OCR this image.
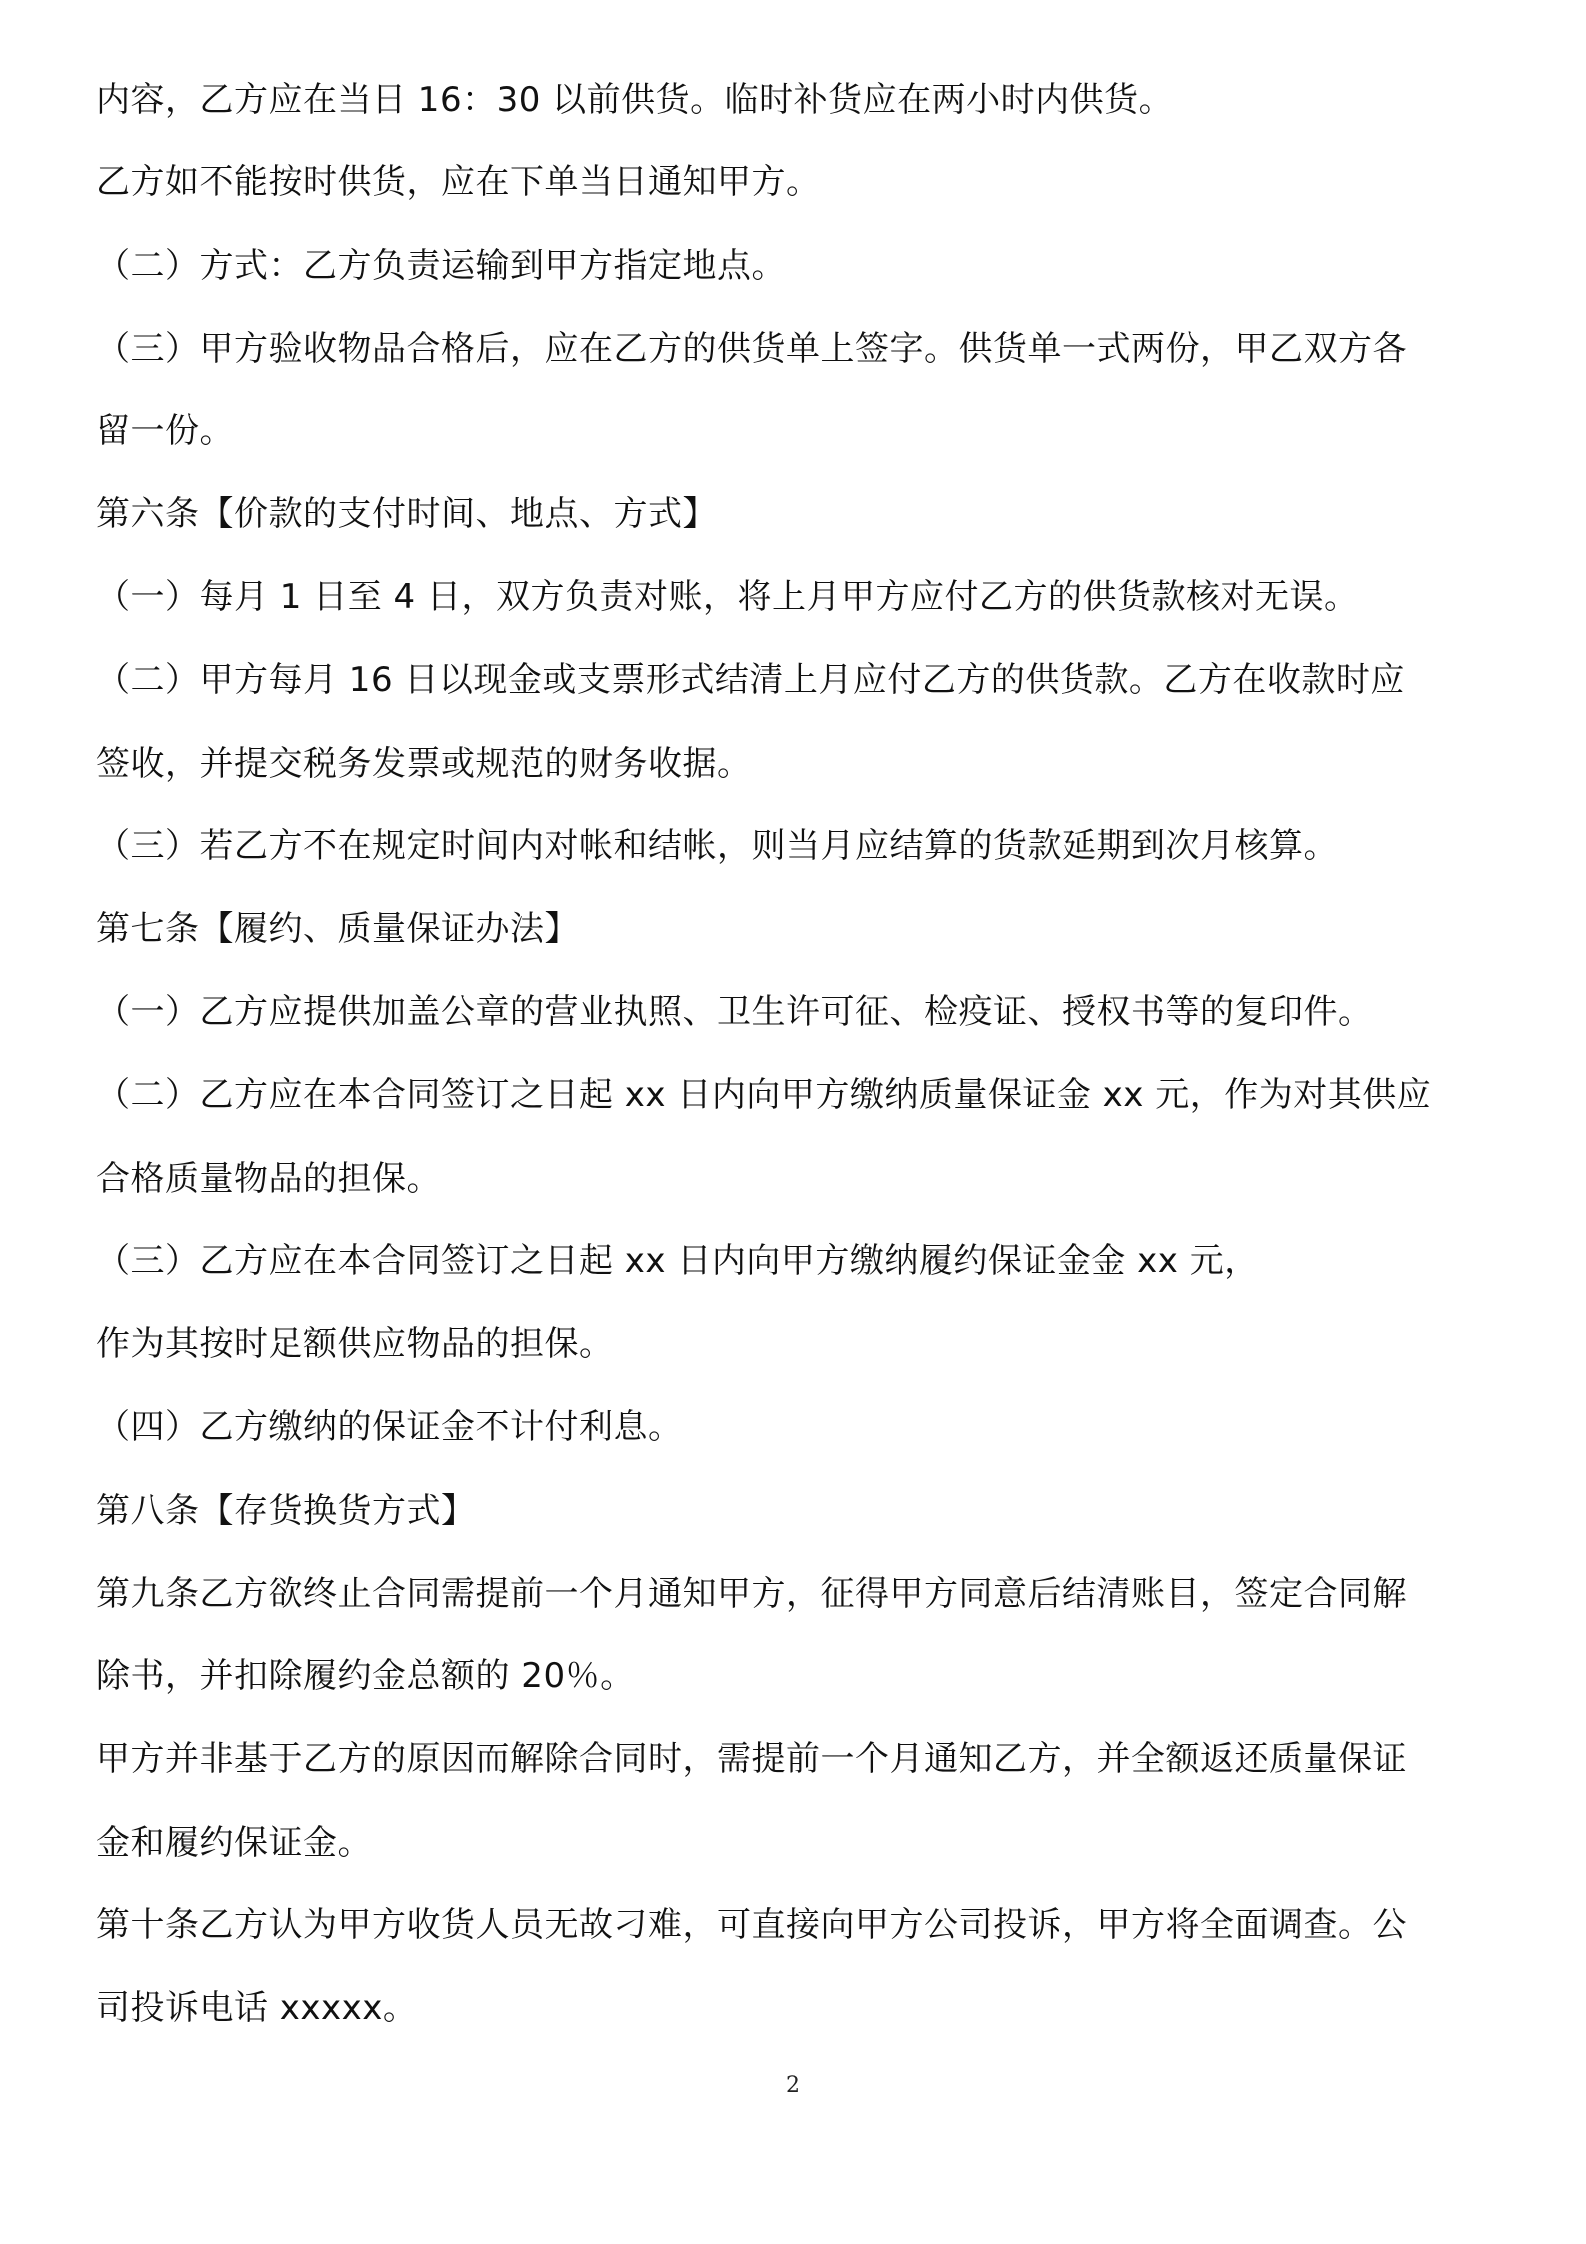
内容，乙方应在当日 16：30 以前供货。临时补货应在两小时内供货。
乙方如不能按时供货，应在下单当日通知甲方。
（二）方式：乙方负责运输到甲方指定地点。
（三）甲方验收物品合格后，应在乙方的供货单上签字。供货单一式两份，甲乙双方各
留一份。
第六条【价款的支付时间、地点、方式】
（一）每月 1 日至 4 日，双方负责对账，将上月甲方应付乙方的供货款核对无误。
（二）甲方每月 16 日以现金或支票形式结清上月应付乙方的供货款。乙方在收款时应
签收，并提交税务发票或规范的财务收据。
（三）若乙方不在规定时间内对帐和结帐，则当月应结算的货款延期到次月核算。
第七条【履约、质量保证办法】
（一）乙方应提供加盖公章的营业执照、卫生许可征、检疫证、授权书等的复印件。
（二）乙方应在本合同签订之日起 xx 日内向甲方缴纳质量保证金 xx 元，作为对其供应
合格质量物品的担保。
（三）乙方应在本合同签订之日起 xx 日内向甲方缴纳履约保证金金 xx 元，
作为其按时足额供应物品的担保。
（四）乙方缴纳的保证金不计付利息。
第八条【存货换货方式】
第九条乙方欲终止合同需提前一个月通知甲方，征得甲方同意后结清账目，签定合同解
除书，并扣除履约金总额的 20％。
甲方并非基于乙方的原因而解除合同时，需提前一个月通知乙方，并全额返还质量保证
金和履约保证金。
第十条乙方认为甲方收货人员无故刁难，可直接向甲方公司投诉，甲方将全面调查。公
司投诉电话 xxxxx。
2
